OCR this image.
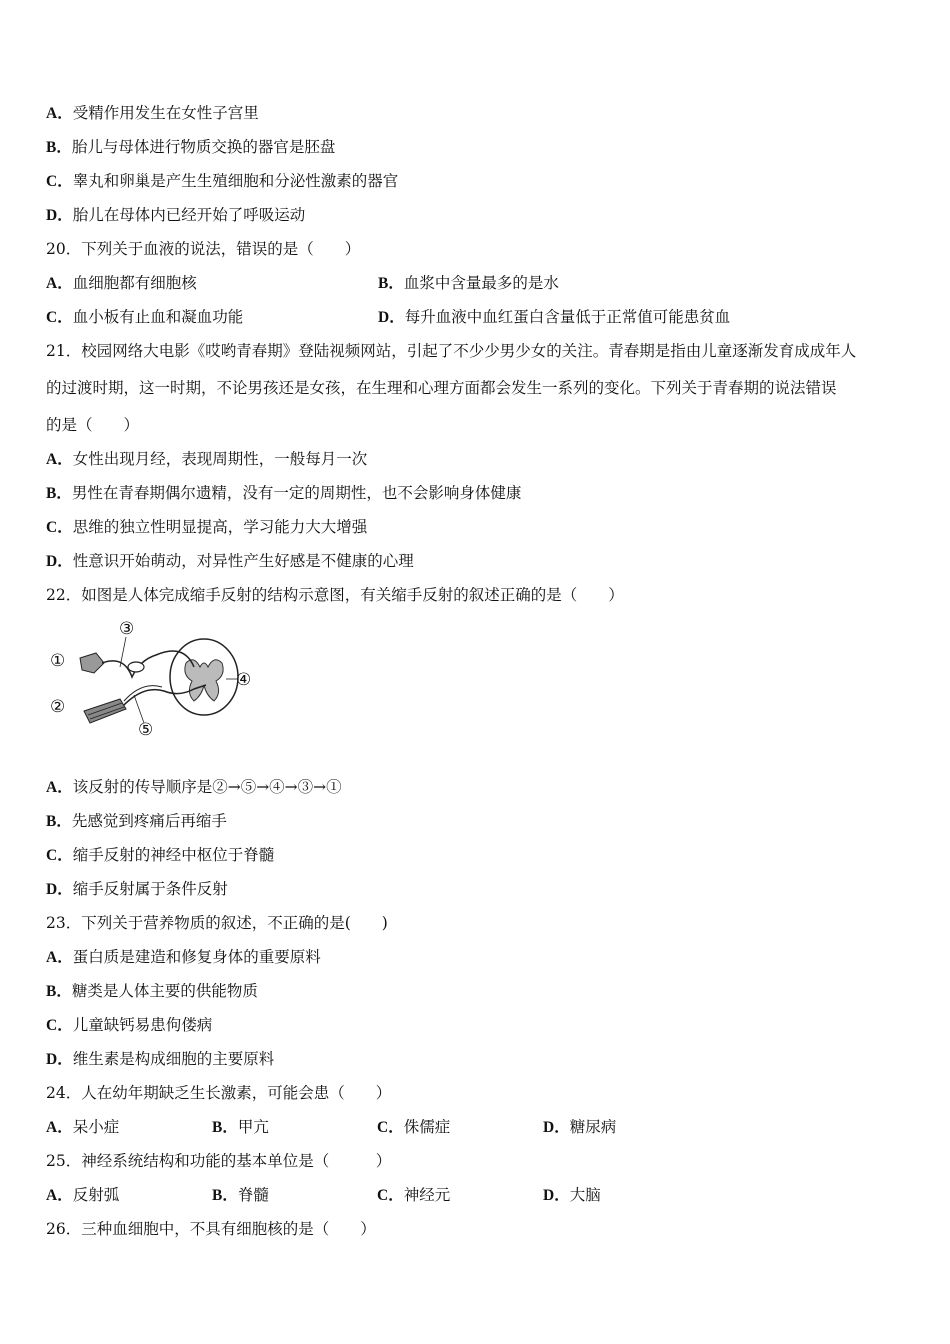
A．受精作用发生在女性子宫里
B．胎儿与母体进行物质交换的器官是胚盘
C．睾丸和卵巢是产生生殖细胞和分泌性激素的器官
D．胎儿在母体内已经开始了呼吸运动
20．下列关于血液的说法，错误的是（　　）
A．血细胞都有细胞核	B．血浆中含量最多的是水
C．血小板有止血和凝血功能	D．每升血液中血红蛋白含量低于正常值可能患贫血
21．校园网络大电影《哎哟青春期》登陆视频网站，引起了不少少男少女的关注。青春期是指由儿童逐渐发育成成年人
的过渡时期，这一时期，不论男孩还是女孩，在生理和心理方面都会发生一系列的变化。下列关于青春期的说法错误
的是（　　）
A．女性出现月经，表现周期性，一般每月一次
B．男性在青春期偶尔遗精，没有一定的周期性，也不会影响身体健康
C．思维的独立性明显提高，学习能力大大增强
D．性意识开始萌动，对异性产生好感是不健康的心理
22．如图是人体完成缩手反射的结构示意图，有关缩手反射的叙述正确的是（　　）
①
②
③
④
⑤
A．该反射的传导顺序是②→⑤→④→③→①
B．先感觉到疼痛后再缩手
C．缩手反射的神经中枢位于脊髓
D．缩手反射属于条件反射
23．下列关于营养物质的叙述，不正确的是(　　)
A．蛋白质是建造和修复身体的重要原料
B．糖类是人体主要的供能物质
C．儿童缺钙易患佝偻病
D．维生素是构成细胞的主要原料
24．人在幼年期缺乏生长激素，可能会患（　　）
A．呆小症	B．甲亢	C．侏儒症	D．糖尿病
25．神经系统结构和功能的基本单位是（　　　）
A．反射弧	B．脊髓	C．神经元	D．大脑
26．三种血细胞中，不具有细胞核的是（　　）
